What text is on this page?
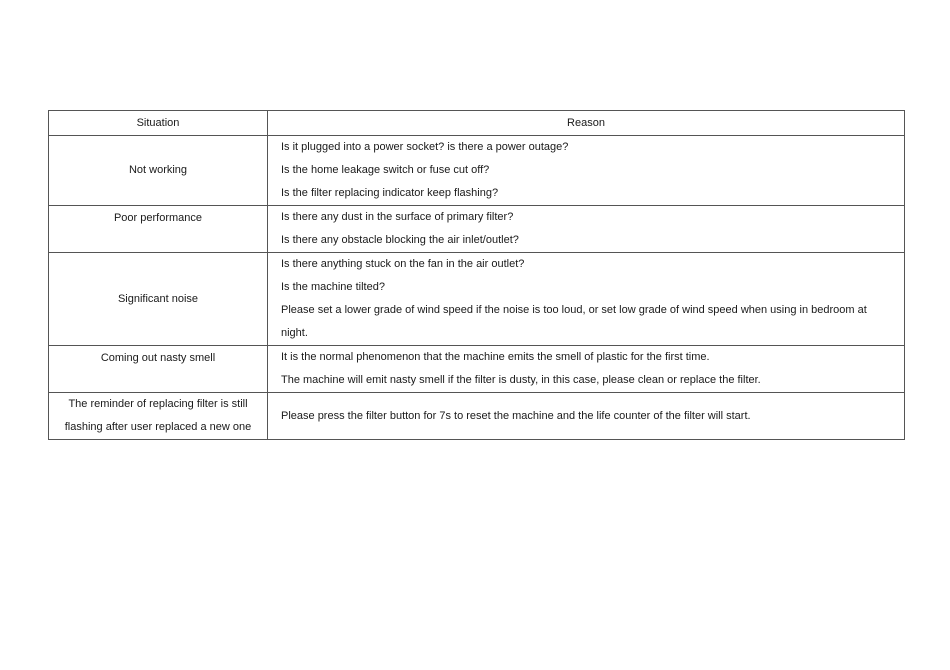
Situation	Reason
Not working	Is it plugged into a power socket? is there a power outage?
Is the home leakage switch or fuse cut off?
Is the filter replacing indicator keep flashing?

Poor performance	Is there any dust in the surface of primary filter?
Is there any obstacle blocking the air inlet/outlet?

Significant noise	Is there anything stuck on the fan in the air outlet?
Is the machine tilted?
Please set a lower grade of wind speed if the noise is too loud, or set low grade of wind speed when using in bedroom at night.

Coming out nasty smell	It is the normal phenomenon that the machine emits the smell of plastic for the first time.
The machine will emit nasty smell if the filter is dusty, in this case, please clean or replace the filter.

The reminder of replacing filter is still flashing after user replaced a new one	Please press the filter button for 7s to reset the machine and the life counter of the filter will start.
